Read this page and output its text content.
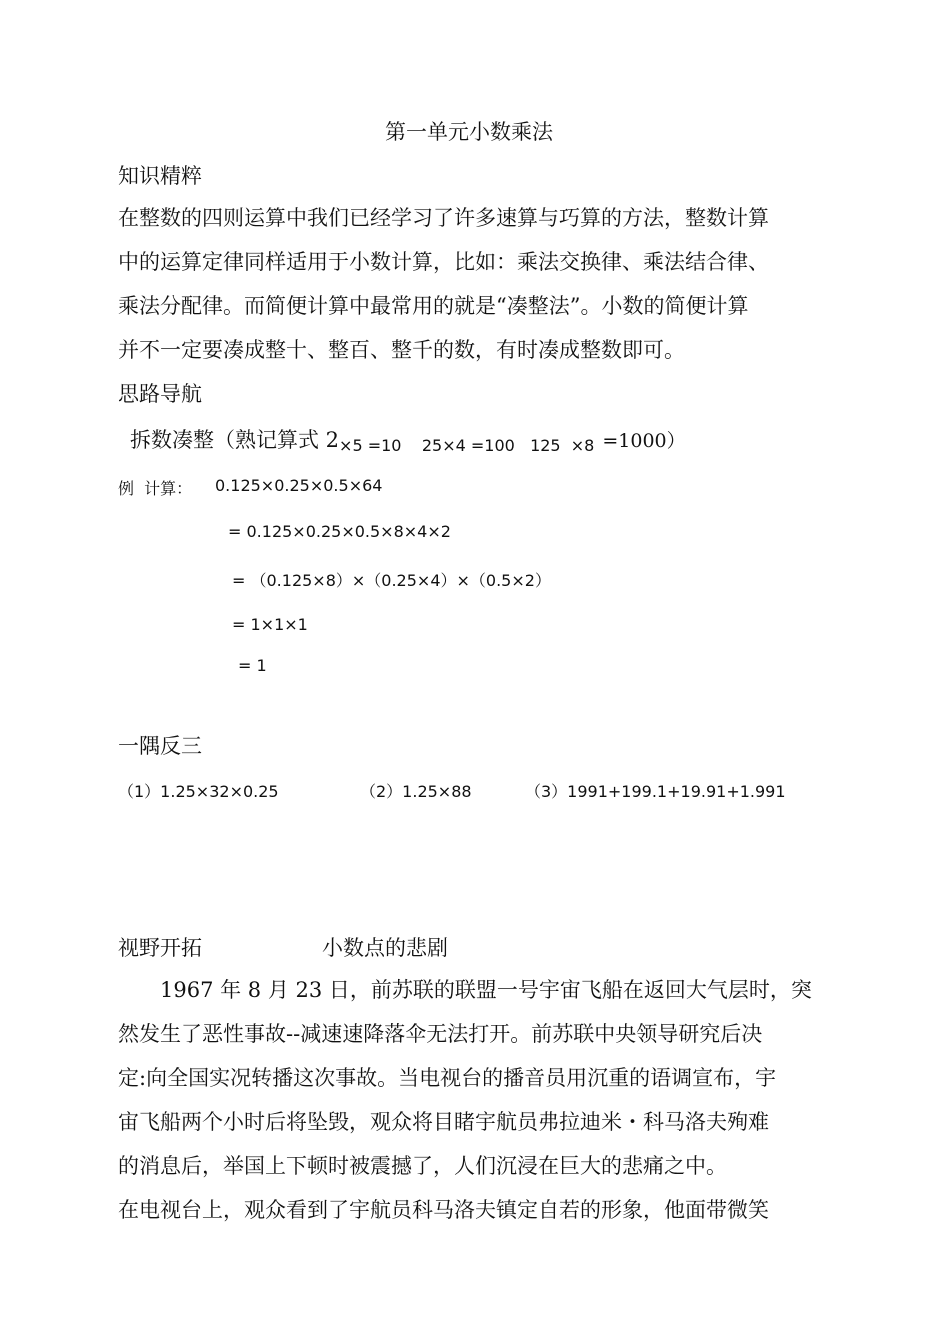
第一单元小数乘法
知识精粹
在整数的四则运算中我们已经学习了许多速算与巧算的方法，整数计算
中的运算定律同样适用于小数计算，比如：乘法交换律、乘法结合律、
乘法分配律。而简便计算中最常用的就是“凑整法”。小数的简便计算
并不一定要凑成整十、整百、整千的数，有时凑成整数即可。
思路导航
拆数凑整（熟记算式 2×5 =10    25×4 =100   125  ×8 =1000）
例  计算： 0.125×0.25×0.5×64
= 0.125×0.25×0.5×8×4×2
= （0.125×8）×（0.25×4）×（0.5×2）
= 1×1×1
= 1
一隅反三
（1）1.25×32×0.25	（2）1.25×88	（3）1991+199.1+19.91+1.991
视野开拓	小数点的悲剧
1967 年 8 月 23 日，前苏联的联盟一号宇宙飞船在返回大气层时，突
然发生了恶性事故--减速速降落伞无法打开。前苏联中央领导研究后决
定:向全国实况转播这次事故。当电视台的播音员用沉重的语调宣布，宇
宙飞船两个小时后将坠毁，观众将目睹宇航员弗拉迪米・科马洛夫殉难
的消息后，举国上下顿时被震撼了，人们沉浸在巨大的悲痛之中。
在电视台上，观众看到了宇航员科马洛夫镇定自若的形象，他面带微笑
